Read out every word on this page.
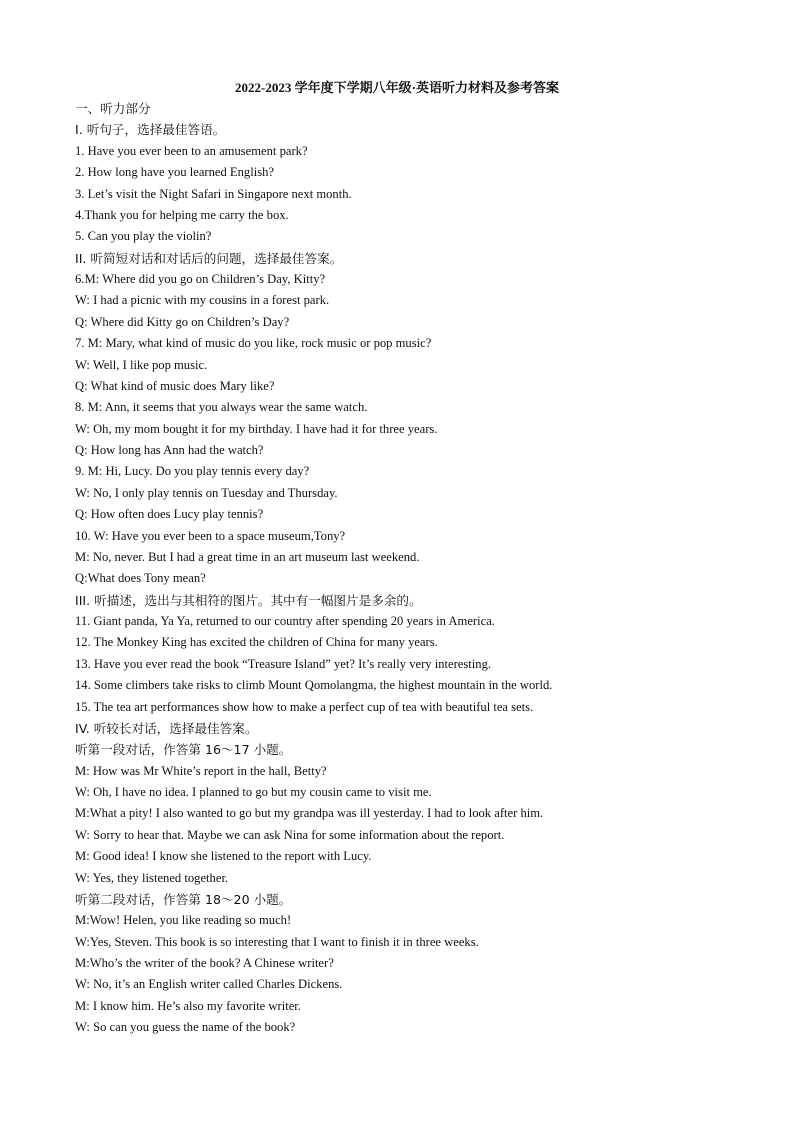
2022-2023 学年度下学期八年级·英语听力材料及参考答案
一、听力部分
I. 听句子，选择最佳答语。
1. Have you ever been to an amusement park?
2. How long have you learned English?
3. Let’s visit the Night Safari in Singapore next month.
4.Thank you for helping me carry the box.
5. Can you play the violin?
II. 听简短对话和对话后的问题，选择最佳答案。
6.M: Where did you go on Children’s Day, Kitty?
W: I had a picnic with my cousins in a forest park.
Q: Where did Kitty go on Children’s Day?
7. M: Mary, what kind of music do you like, rock music or pop music?
W: Well, I like pop music.
Q: What kind of music does Mary like?
8. M: Ann, it seems that you always wear the same watch.
W: Oh, my mom bought it for my birthday. I have had it for three years.
Q: How long has Ann had the watch?
9. M: Hi, Lucy. Do you play tennis every day?
W: No, I only play tennis on Tuesday and Thursday.
Q: How often does Lucy play tennis?
10. W: Have you ever been to a space museum,Tony?
M: No, never. But I had a great time in an art museum last weekend.
Q:What does Tony mean?
III. 听描述，选出与其相符的图片。其中有一幅图片是多余的。
11. Giant panda, Ya Ya, returned to our country after spending 20 years in America.
12. The Monkey King has excited the children of China for many years.
13. Have you ever read the book “Treasure Island” yet? It’s really very interesting.
14. Some climbers take risks to climb Mount Qomolangma, the highest mountain in the world.
15. The tea art performances show how to make a perfect cup of tea with beautiful tea sets.
IV. 听较长对话，选择最佳答案。
听第一段对话，作答第 16～17 小题。
M: How was Mr White’s report in the hall, Betty?
W: Oh, I have no idea. I planned to go but my cousin came to visit me.
M:What a pity! I also wanted to go but my grandpa was ill yesterday. I had to look after him.
W: Sorry to hear that. Maybe we can ask Nina for some information about the report.
M: Good idea! I know she listened to the report with Lucy.
W: Yes, they listened together.
听第二段对话，作答第 18～20 小题。
M:Wow! Helen, you like reading so much!
W:Yes, Steven. This book is so interesting that I want to finish it in three weeks.
M:Who’s the writer of the book? A Chinese writer?
W: No, it’s an English writer called Charles Dickens.
M: I know him. He’s also my favorite writer.
W: So can you guess the name of the book?
